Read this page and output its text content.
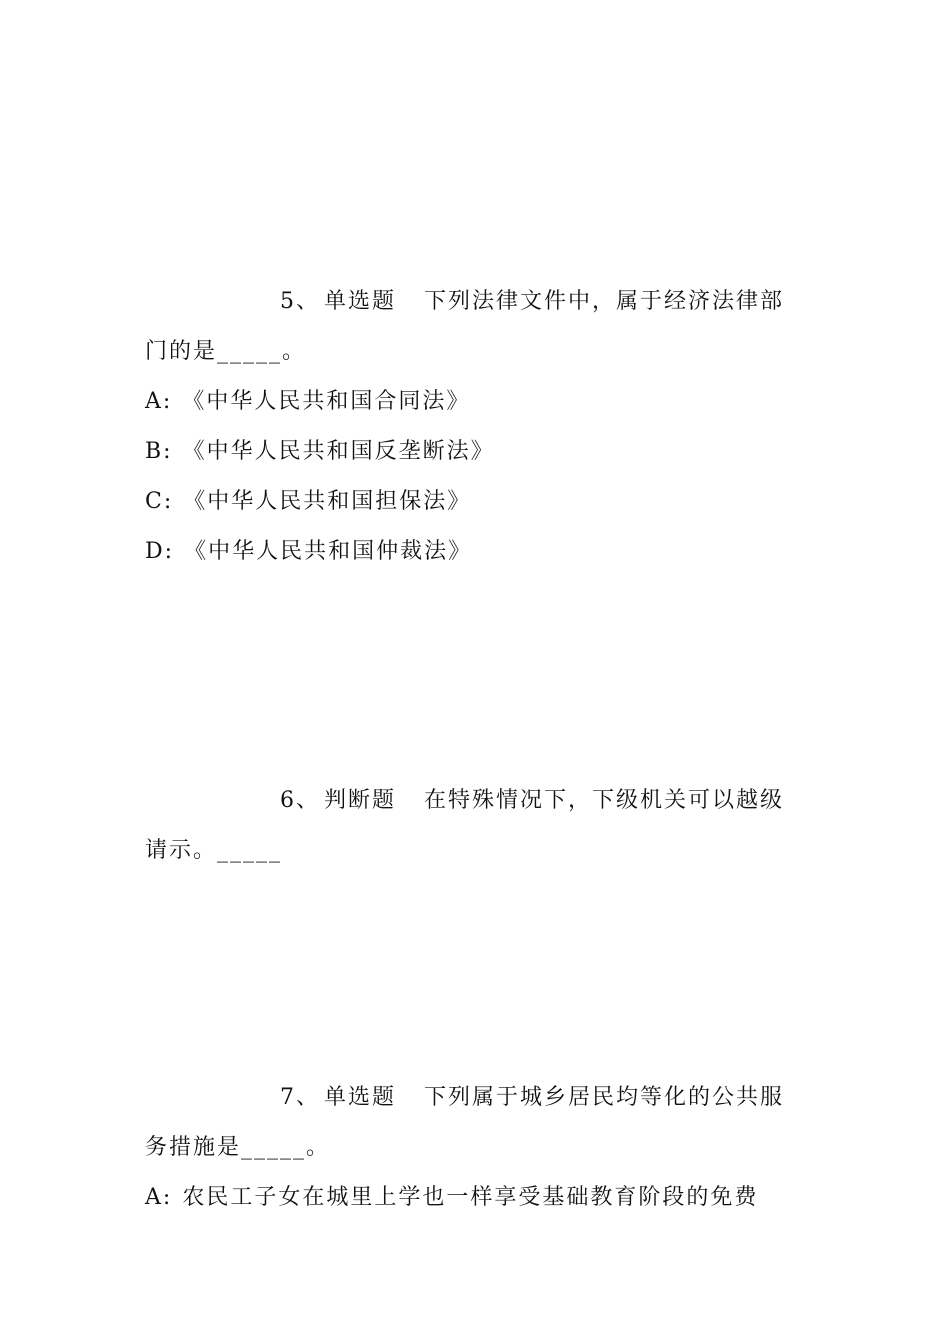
5、 单选题 下列法律文件中，属于经济法律部
门的是_____。
A: 《中华人民共和国合同法》
B: 《中华人民共和国反垄断法》
C: 《中华人民共和国担保法》
D: 《中华人民共和国仲裁法》
6、 判断题 在特殊情况下，下级机关可以越级
请示。_____
7、 单选题 下列属于城乡居民均等化的公共服
务措施是_____。
A: 农民工子女在城里上学也一样享受基础教育阶段的免费
